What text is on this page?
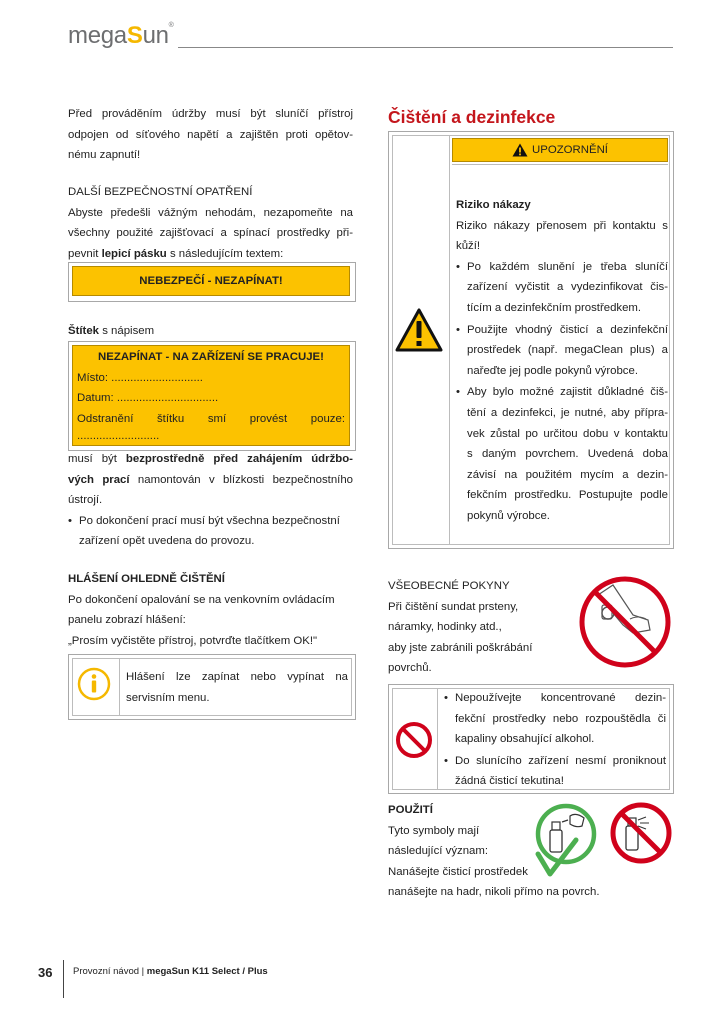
megaSun®
Před prováděním údržby musí být sluníčí přístroj
odpojen od síťového napětí a zajištěn proti opětov-
nému zapnutí!
DALŠÍ BEZPEČNOSTNÍ OPATŘENÍ
Abyste předešli vážným nehodám, nezapomeňte na
všechny použité zajišťovací a spínací prostředky při-
pevnit lepicí pásku s následujícím textem:
NEBEZPEČÍ - NEZAPÍNAT!
Štítek s nápisem
NEZAPÍNAT - NA ZAŘÍZENÍ SE PRACUJE!
Místo: .............................
Datum: ................................
Odstranění štítku smí provést pouze:
..........................
musí být bezprostředně před zahájením údržbo-
vých prací namontován v blízkosti bezpečnostního
ústrojí.
• Po dokončení prací musí být všechna bezpečnostní
zařízení opět uvedena do provozu.
HLÁŠENÍ OHLEDNĚ ČIŠTĚNÍ
Po dokončení opalování se na venkovním ovládacím
panelu zobrazí hlášení:
„Prosím vyčistěte přístroj, potvrďte tlačítkem OK!"
Hlášení lze zapínat nebo vypínat na
servisním menu.
Čištění a dezinfekce
UPOZORNĚNÍ
Riziko nákazy
Riziko nákazy přenosem při kontaktu s
kůží!
• Po každém slunění je třeba sluníčí
zařízení vyčistit a vydezinfikovat čis-
tícím a dezinfekčním prostředkem.
• Použijte vhodný čisticí a dezinfekční
prostředek (např. megaClean plus) a
nařeďte jej podle pokynů výrobce.
• Aby bylo možné zajistit důkladné čiš-
tění a dezinfekci, je nutné, aby přípra-
vek zůstal po určitou dobu v kontaktu
s daným povrchem. Uvedená doba
závisí na použitém mycím a dezin-
fekčním prostředku. Postupujte podle
pokynů výrobce.
VŠEOBECNÉ POKYNY
Při čištění sundat prsteny,
náramky, hodinky atd.,
aby jste zabránili poškrábání
povrchů.
• Nepoužívejte koncentrované dezin-
fekční prostředky nebo rozpouštědla či
kapaliny obsahující alkohol.
• Do slunícího zařízení nesmí proniknout
žádná čisticí tekutina!
POUŽITÍ
Tyto symboly mají
následující význam:
Nanášejte čisticí prostředek
nanášejte na hadr, nikoli přímo na povrch.
36 Provozní návod | megaSun K11 Select / Plus
